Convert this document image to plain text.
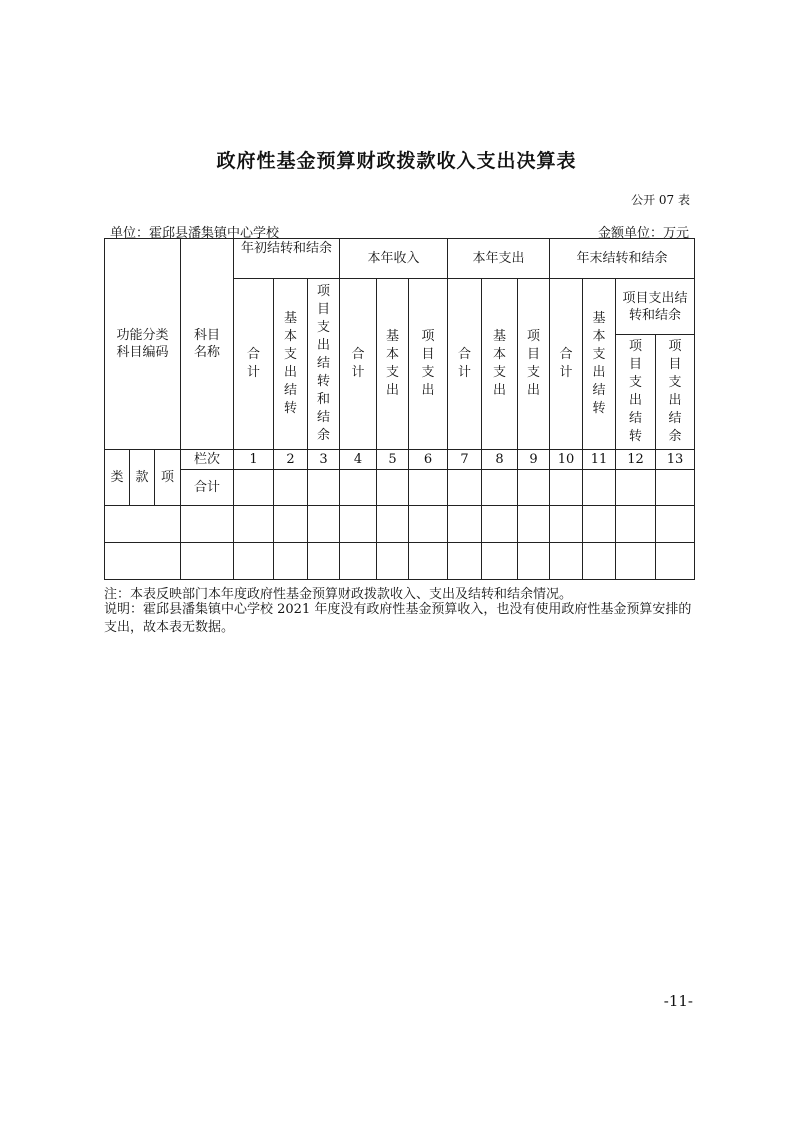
政府性基金预算财政拨款收入支出决算表
公开 07 表
单位：霍邱县潘集镇中心学校	金额单位：万元
功能分类科目编码			科目名称	年初结转和结余			本年收入			本年支出			年末结转和结余			
				合计	基本支出结转	项目支出结转和结余	合计	基本支出	项目支出	合计	基本支出	项目支出	合计	基本支出结转	项目支出结转和结余	
															项目支出结转	项目支出结余
类	款	项	栏次	1	2	3	4	5	6	7	8	9	10	11	12	13
			合计													

注：本表反映部门本年度政府性基金预算财政拨款收入、支出及结转和结余情况。
说明：霍邱县潘集镇中心学校 2021 年度没有政府性基金预算收入，也没有使用政府性基金预算安排的支出，故本表无数据。
-11-
